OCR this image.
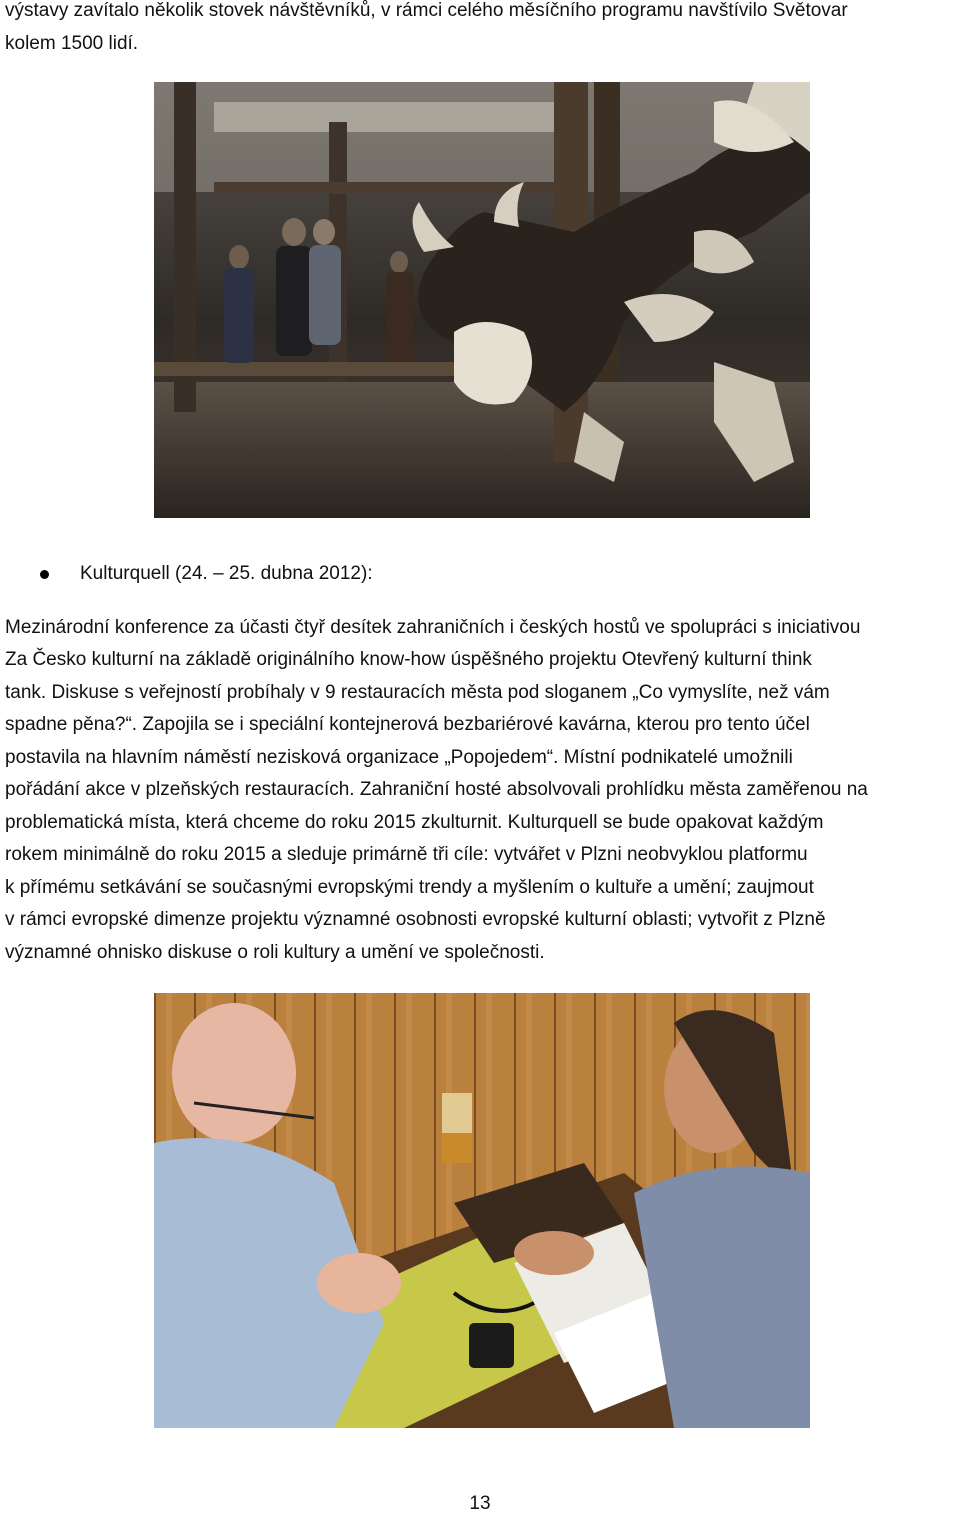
výstavy zavítalo několik stovek návštěvníků, v rámci celého měsíčního programu navštívilo Světovar
kolem 1500 lidí.
Kulturquell (24. – 25. dubna 2012):
Mezinárodní konference za účasti čtyř desítek zahraničních i českých hostů ve spolupráci s iniciativou
Za Česko kulturní na základě originálního know-how úspěšného projektu Otevřený kulturní think
tank. Diskuse s veřejností probíhaly v 9 restauracích města pod sloganem „Co vymyslíte, než vám
spadne pěna?“. Zapojila se i speciální kontejnerová bezbariérové kavárna, kterou pro tento účel
postavila na hlavním náměstí nezisková organizace „Popojedem“. Místní podnikatelé umožnili
pořádání akce v plzeňských restauracích. Zahraniční hosté absolvovali prohlídku města zaměřenou na
problematická místa, která chceme do roku 2015 zkulturnit. Kulturquell se bude opakovat každým
rokem minimálně do roku 2015 a sleduje primárně tři cíle: vytvářet v Plzni neobvyklou platformu
k přímému setkávání se současnými evropskými trendy a myšlením o kultuře a umění; zaujmout
v rámci evropské dimenze projektu významné osobnosti evropské kulturní oblasti; vytvořit z Plzně
významné ohnisko diskuse o roli kultury a umění ve společnosti.
13
